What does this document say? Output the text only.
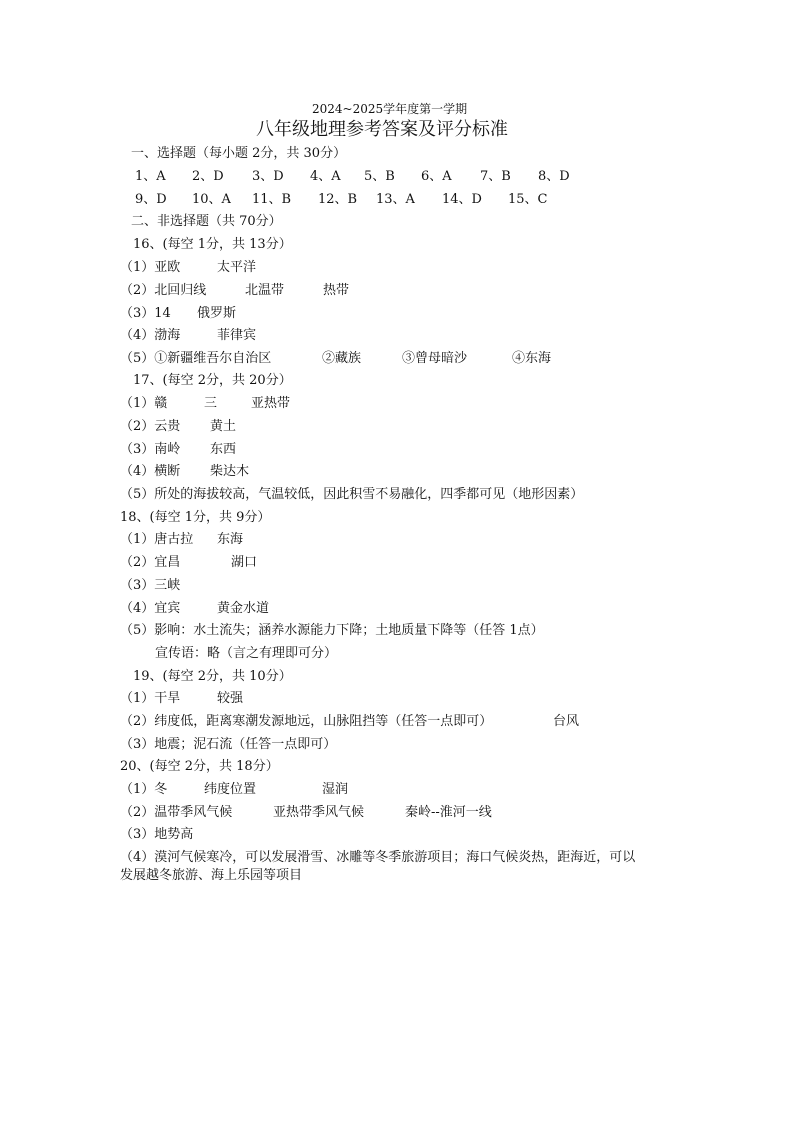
2024~2025学年度第一学期
八年级地理参考答案及评分标准
一、选择题（每小题 2分，共 30分）
1、A 2、D 3、D 4、A 5、B 6、A 7、B 8、D
9、D 10、A 11、B 12、B 13、A 14、D 15、C
二、非选择题（共 70分）
16、(每空 1分，共 13分）
（1）亚欧	太平洋
（2）北回归线	北温带	热带
（3）14 俄罗斯
（4）渤海	菲律宾
（5）①新疆维吾尔自治区	②藏族	③曾母暗沙	④东海
17、(每空 2分，共 20分）
（1）赣	三	亚热带
（2）云贵 黄土
（3）南岭 东西
（4）横断 柴达木
（5）所处的海拔较高，气温较低，因此积雪不易融化，四季都可见（地形因素）
18、(每空 1分，共 9分）
（1）唐古拉 东海
（2）宜昌	湖口
（3）三峡
（4）宜宾	黄金水道
（5）影响：水土流失；涵养水源能力下降；土地质量下降等（任答 1点）
宣传语：略（言之有理即可分）
19、(每空 2分，共 10分）
（1）干旱	较强
（2）纬度低，距离寒潮发源地远，山脉阻挡等（任答一点即可）	台风
（3）地震；泥石流（任答一点即可）
20、(每空 2分，共 18分）
（1）冬	纬度位置	湿润
（2）温带季风气候	亚热带季风气候	秦岭--淮河一线
（3）地势高
（4）漠河气候寒冷，可以发展滑雪、冰雕等冬季旅游项目；海口气候炎热，距海近，可以
发展越冬旅游、海上乐园等项目
